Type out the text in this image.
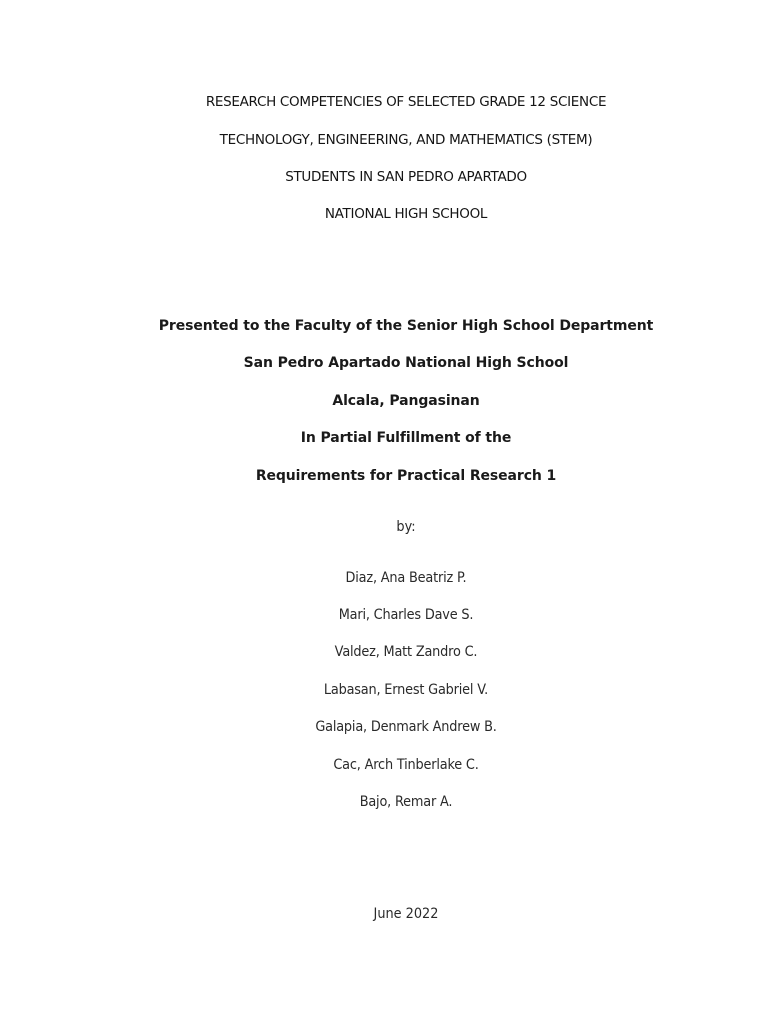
RESEARCH COMPETENCIES OF SELECTED GRADE 12 SCIENCE
TECHNOLOGY, ENGINEERING, AND MATHEMATICS (STEM)
STUDENTS IN SAN PEDRO APARTADO
NATIONAL HIGH SCHOOL
Presented to the Faculty of the Senior High School Department
San Pedro Apartado National High School
Alcala, Pangasinan
In Partial Fulfillment of the
Requirements for Practical Research 1
by:
Diaz, Ana Beatriz P.
Mari, Charles Dave S.
Valdez, Matt Zandro C.
Labasan, Ernest Gabriel V.
Galapia, Denmark Andrew B.
Cac, Arch Tinberlake C.
Bajo, Remar A.
June 2022
